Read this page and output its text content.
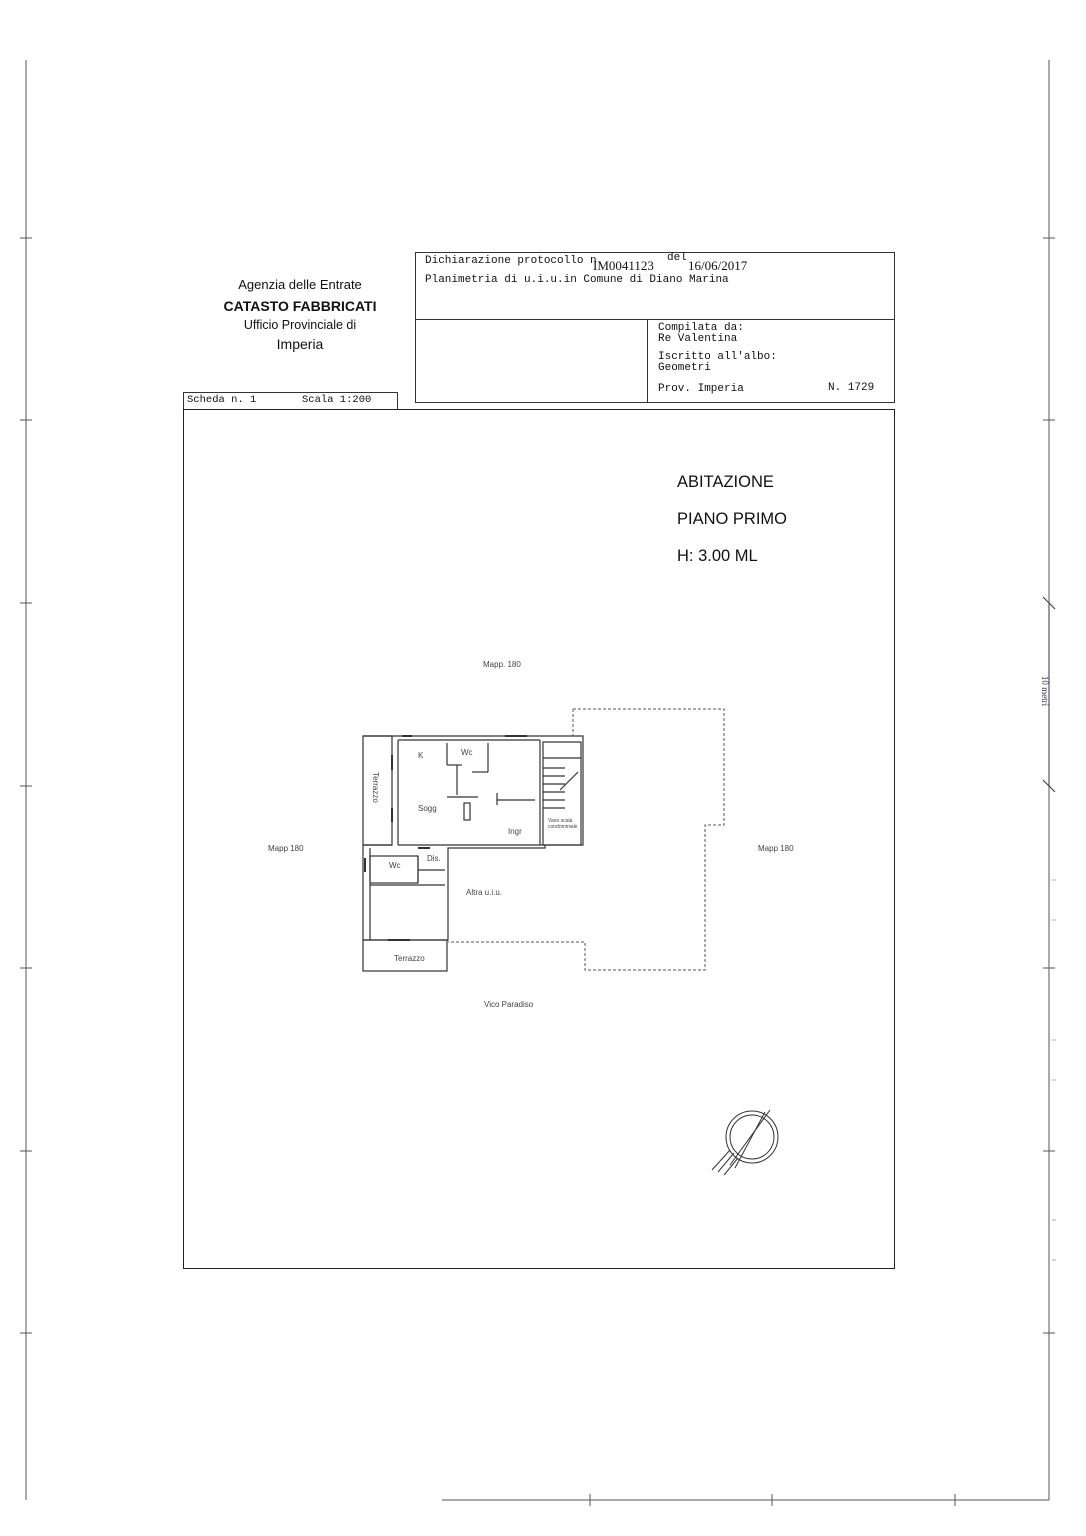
10 metri
Agenzia delle Entrate
CATASTO FABBRICATI
Ufficio Provinciale di
Imperia
Dichiarazione protocollo n.
IM0041123 del 16/06/2017
Planimetria di u.i.u.in Comune di Diano Marina
Compilata da:
Re Valentina
Iscritto all'albo:
Geometri
Prov. Imperia	N. 1729
Scheda n. 1	Scala 1:200
ABITAZIONE
PIANO PRIMO
H: 3.00 ML
Mapp. 180
Mapp 180	Mapp 180
Vico Paradiso
K	Wc
Sogg
Ingr
Dis.
Wc
Altra u.i.u.
Terrazzo
Terrazzo
Vano scala
condominiale
